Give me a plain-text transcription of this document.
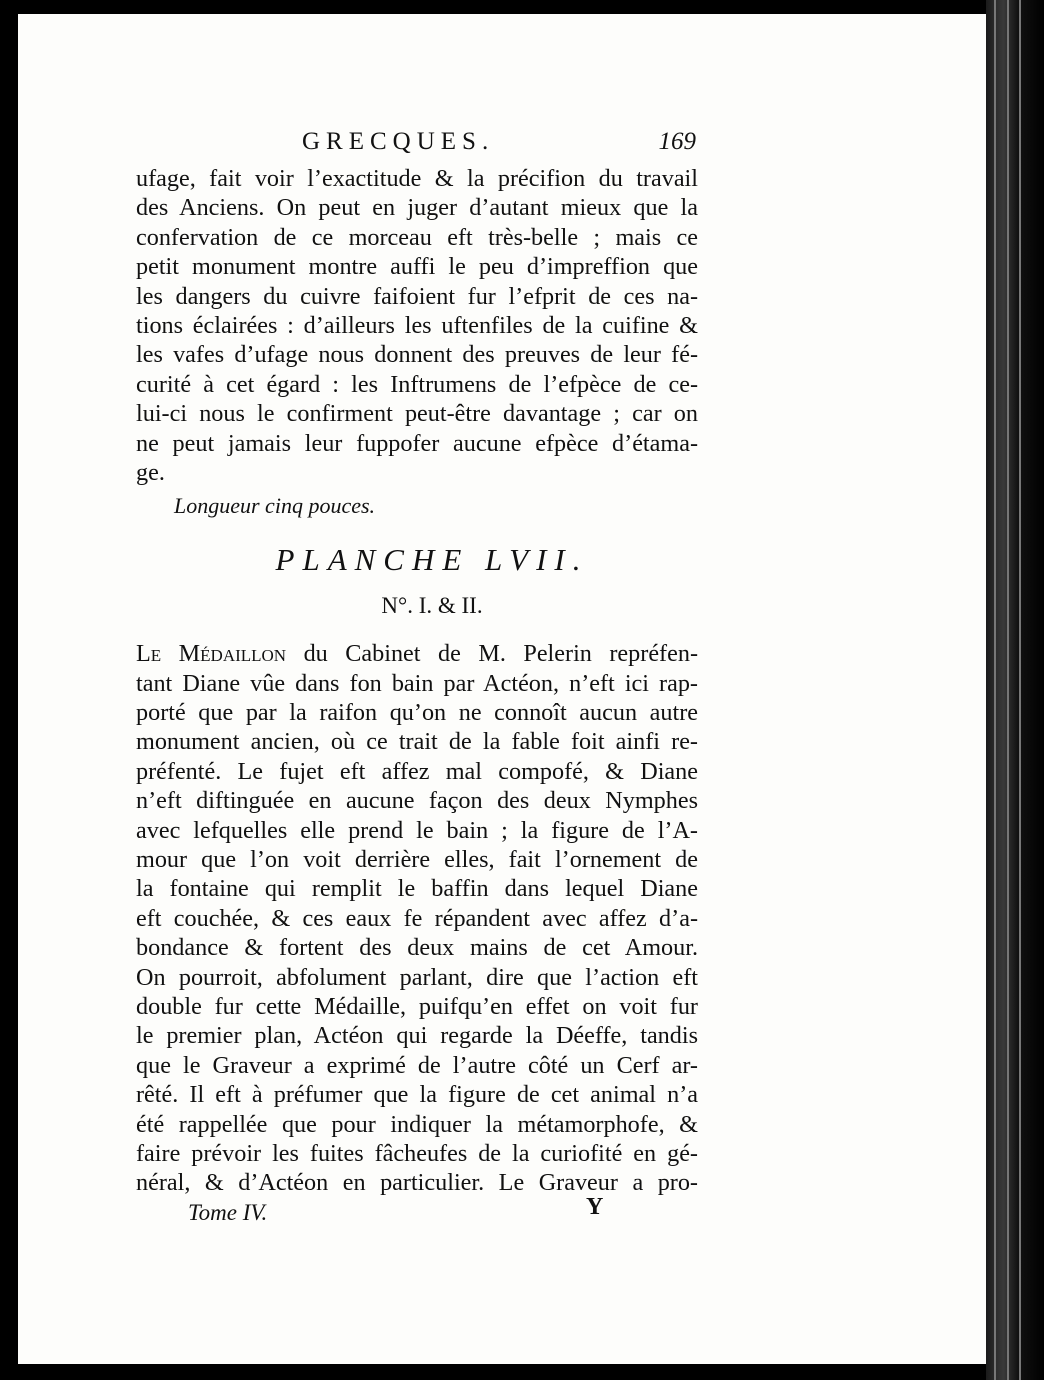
GRECQUES.	169
ufage, fait voir l’exactitude & la précifion du travail
des Anciens. On peut en juger d’autant mieux que la
confervation de ce morceau eft très-belle ; mais ce
petit monument montre auffi le peu d’impreffion que
les dangers du cuivre faifoient fur l’efprit de ces na-
tions éclairées : d’ailleurs les uftenfiles de la cuifine &
les vafes d’ufage nous donnent des preuves de leur fé-
curité à cet égard : les Inftrumens de l’efpèce de ce-
lui-ci nous le confirment peut-être davantage ; car on
ne peut jamais leur fuppofer aucune efpèce d’étama-
ge.
Longueur cinq pouces.
PLANCHE LVII.
N°. I. & II.
Le Médaillon du Cabinet de M. Pelerin repréfen-
tant Diane vûe dans fon bain par Actéon, n’eft ici rap-
porté que par la raifon qu’on ne connoît aucun autre
monument ancien, où ce trait de la fable foit ainfi re-
préfenté. Le fujet eft affez mal compofé, & Diane
n’eft diftinguée en aucune façon des deux Nymphes
avec lefquelles elle prend le bain ; la figure de l’A-
mour que l’on voit derrière elles, fait l’ornement de
la fontaine qui remplit le baffin dans lequel Diane
eft couchée, & ces eaux fe répandent avec affez d’a-
bondance & fortent des deux mains de cet Amour.
On pourroit, abfolument parlant, dire que l’action eft
double fur cette Médaille, puifqu’en effet on voit fur
le premier plan, Actéon qui regarde la Déeffe, tandis
que le Graveur a exprimé de l’autre côté un Cerf ar-
rêté. Il eft à préfumer que la figure de cet animal n’a
été rappellée que pour indiquer la métamorphofe, &
faire prévoir les fuites fâcheufes de la curiofité en gé-
néral, & d’Actéon en particulier. Le Graveur a pro-
Tome IV.	Y
